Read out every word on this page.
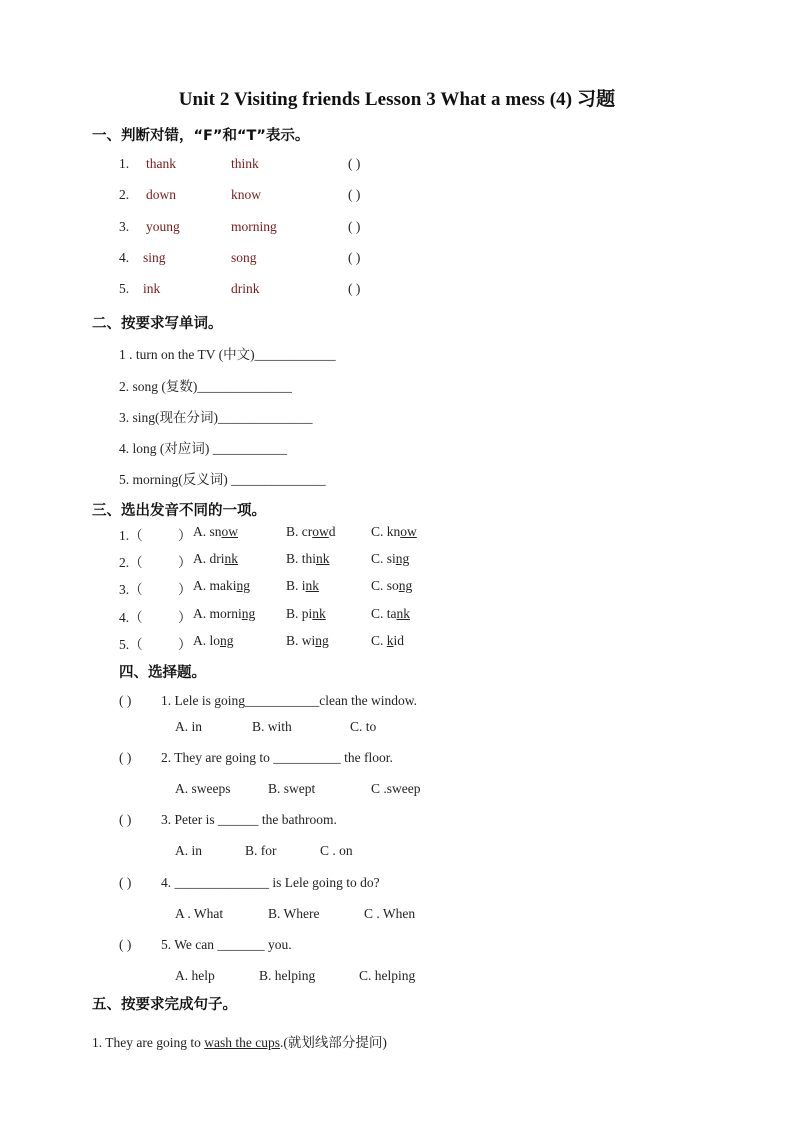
Unit 2 Visiting friends Lesson 3 What a mess (4) 习题
一、判断对错，“F”和“T”表示。
1. thank	think	( )
2. down	know	( )
3. young	morning	( )
4. sing	song	( )
5. ink	drink	( )
二、按要求写单词。
1 . turn on the TV (中文)____________
2. song (复数)______________
3. sing(现在分词)______________
4. long (对应词) ___________
5. morning(反义词) ______________
三、选出发音不同的一项。
1.（	） A. snow	B. crowd	C. know
2.（	） A. drink	B. think	C. sing
3.（	） A. making	B. ink	C. song
4.（	） A. morning B. pink	C. tank
5.（	） A. long	B. wing	C. kid
四、选择题。
( ) 1. Lele is going___________clean the window.
A. in	B. with	C. to
( ) 2. They are going to __________ the floor.
A. sweeps	B. swept	C .sweep
( ) 3. Peter is ______ the bathroom.
A. in	B. for	C . on
( ) 4. ______________ is Lele going to do?
A . What	B. Where	C . When
( ) 5. We can _______ you.
A. help	B. helping	C. helping
五、按要求完成句子。
1. They are going to wash the cups.(就划线部分提问)
